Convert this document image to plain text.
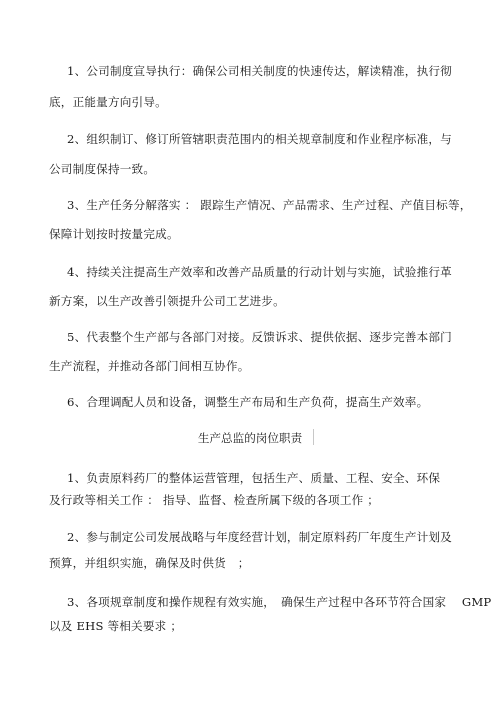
1、公司制度宣导执行：确保公司相关制度的快速传达，解读精准，执行彻
底，正能量方向引导。
2、组织制订、修订所管辖职责范围内的相关规章制度和作业程序标准，与
公司制度保持一致。
3、生产任务分解落实 ： 跟踪生产情况、产品需求、生产过程、产值目标等，
保障计划按时按量完成。
4、持续关注提高生产效率和改善产品质量的行动计划与实施，试验推行革
新方案，以生产改善引领提升公司工艺进步。
5、代表整个生产部与各部门对接。反馈诉求、提供依据、逐步完善本部门
生产流程，并推动各部门间相互协作。
6、合理调配人员和设备，调整生产布局和生产负荷，提高生产效率。
生产总监的岗位职责
1、负责原料药厂的整体运营管理，包括生产、质量、工程、安全、环保
及行政等相关工作 ： 指导、监督、检查所属下级的各项工作 ；
2、参与制定公司发展战略与年度经营计划，制定原料药厂年度生产计划及
预算，并组织实施，确保及时供货　；
3、各项规章制度和操作规程有效实施，　确保生产过程中各环节符合国家　 GMP
以及 EHS 等相关要求 ；
